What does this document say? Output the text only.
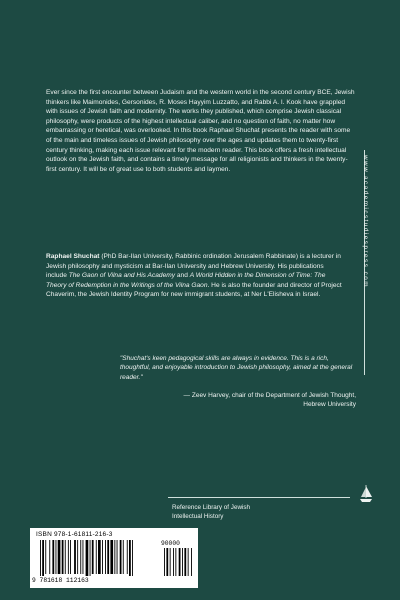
Ever since the first encounter between Judaism and the western world in the second century BCE, Jewish thinkers like Maimonides, Gersonides, R. Moses Hayyim Luzzatto, and Rabbi A. I. Kook have grappled with issues of Jewish faith and modernity. The works they published, which comprise Jewish classical philosophy, were products of the highest intellectual caliber, and no question of faith, no matter how embarrassing or heretical, was overlooked. In this book Raphael Shuchat presents the reader with some of the main and timeless issues of Jewish philosophy over the ages and updates them to twenty-first century thinking, making each issue relevant for the modern reader. This book offers a fresh intellectual outlook on the Jewish faith, and contains a timely message for all religionists and thinkers in the twenty-first century. It will be of great use to both students and laymen.

Raphael Shuchat (PhD Bar-Ilan University, Rabbinic ordination Jerusalem Rabbinate) is a lecturer in Jewish philosophy and mysticism at Bar-Ilan University and Hebrew University. His publications include The Gaon of Vilna and His Academy and A World Hidden in the Dimension of Time: The Theory of Redemption in the Writings of the Vilna Gaon. He is also the founder and director of Project Chaverim, the Jewish Identity Program for new immigrant students, at Ner L'Elisheva in Israel.

"Shuchat's keen pedagogical skills are always in evidence. This is a rich, thoughtful, and enjoyable introduction to Jewish philosophy, aimed at the general reader."

— Zeev Harvey, chair of the Department of Jewish Thought,
Hebrew University

www.academicstudiespress.com

Reference Library of Jewish
Intellectual History

ISBN 978-1-61811-216-3
9 781618 112163
90000
